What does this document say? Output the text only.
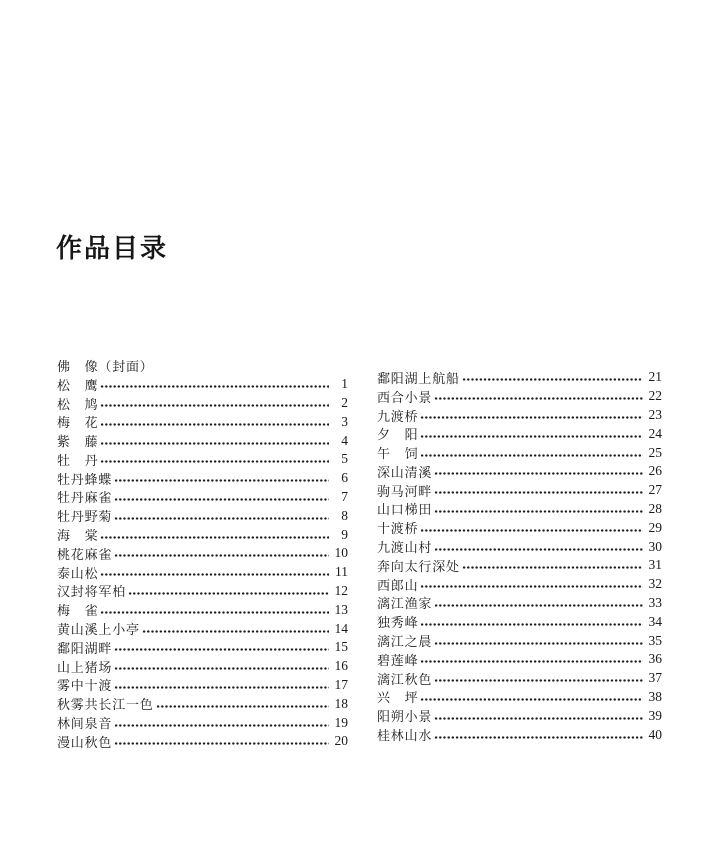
作品目录
佛　像（封面）
松　鹰	1
松　鸠	2
梅　花	3
紫　藤	4
牡　丹	5
牡丹蜂蝶	6
牡丹麻雀	7
牡丹野菊	8
海　棠	9
桃花麻雀	10
泰山松	11
汉封将军柏	12
梅　雀	13
黄山溪上小亭	14
鄱阳湖畔	15
山上猪场	16
雾中十渡	17
秋雾共长江一色	18
林间泉音	19
漫山秋色	20
鄱阳湖上航船	21
西合小景	22
九渡桥	23
夕　阳	24
午　饲	25
深山清溪	26
驹马河畔	27
山口梯田	28
十渡桥	29
九渡山村	30
奔向太行深处	31
西郎山	32
漓江渔家	33
独秀峰	34
漓江之晨	35
碧莲峰	36
漓江秋色	37
兴　坪	38
阳朔小景	39
桂林山水	40
